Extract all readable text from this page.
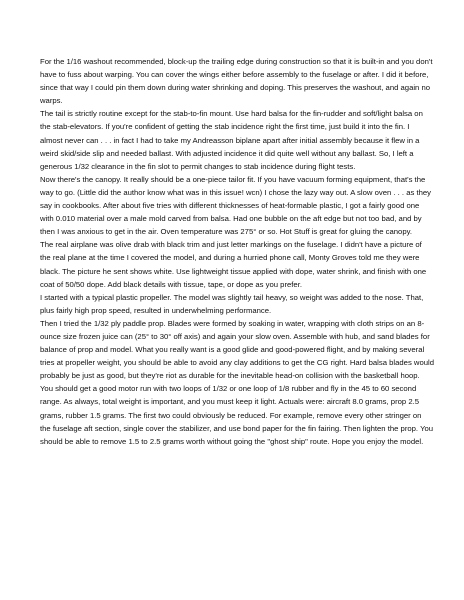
For the 1/16 washout recommended, block-up the trailing edge during construction so that it is built-in and you don't have to fuss about warping. You can cover the wings either before assembly to the fuselage or after. I did it before, since that way I could pin them down during water shrinking and doping. This preserves the washout, and again no warps.

The tail is strictly routine except for the stab-to-fin mount. Use hard balsa for the fin-rudder and soft/light balsa on the stab-elevators. If you're confident of getting the stab incidence right the first time, just build it into the fin. I almost never can . . . in fact I had to take my Andreasson biplane apart after initial assembly because it flew in a weird skid/side slip and needed ballast. With adjusted incidence it did quite well without any ballast. So, I left a generous 1/32 clearance in the fin slot to permit changes to stab incidence during flight tests.

Now there's the canopy. It really should be a one-piece tailor fit. If you have vacuum forming equipment, that's the way to go. (Little did the author know what was in this issue! wcn) I chose the lazy way out. A slow oven . . . as they say in cookbooks. After about five tries with different thicknesses of heat-formable plastic, I got a fairly good one with 0.010 material over a male mold carved from balsa. Had one bubble on the aft edge but not too bad, and by then I was anxious to get in the air. Oven temperature was 275° or so. Hot Stuff is great for gluing the canopy.

The real airplane was olive drab with black trim and just letter markings on the fuselage. I didn't have a picture of the real plane at the time I covered the model, and during a hurried phone call, Monty Groves told me they were black. The picture he sent shows white. Use lightweight tissue applied with dope, water shrink, and finish with one coat of 50/50 dope. Add black details with tissue, tape, or dope as you prefer.

I started with a typical plastic propeller. The model was slightly tail heavy, so weight was added to the nose. That, plus fairly high prop speed, resulted in underwhelming performance.

Then I tried the 1/32 ply paddle prop. Blades were formed by soaking in water, wrapping with cloth strips on an 8-ounce size frozen juice can (25° to 30° off axis) and again your slow oven. Assemble with hub, and sand blades for balance of prop and model. What you really want is a good glide and good-powered flight, and by making several tries at propeller weight, you should be able to avoid any clay additions to get the CG right. Hard balsa blades would probably be just as good, but they're riot as durable for the inevitable head-on collision with the basketball hoop.

You should get a good motor run with two loops of 1/32 or one loop of 1/8 rubber and fly in the 45 to 60 second range. As always, total weight is important, and you must keep it light. Actuals were: aircraft 8.0 grams, prop 2.5 grams, rubber 1.5 grams. The first two could obviously be reduced. For example, remove every other stringer on the fuselage aft section, single cover the stabilizer, and use bond paper for the fin fairing. Then lighten the prop. You should be able to remove 1.5 to 2.5 grams worth without going the "ghost ship" route. Hope you enjoy the model.
